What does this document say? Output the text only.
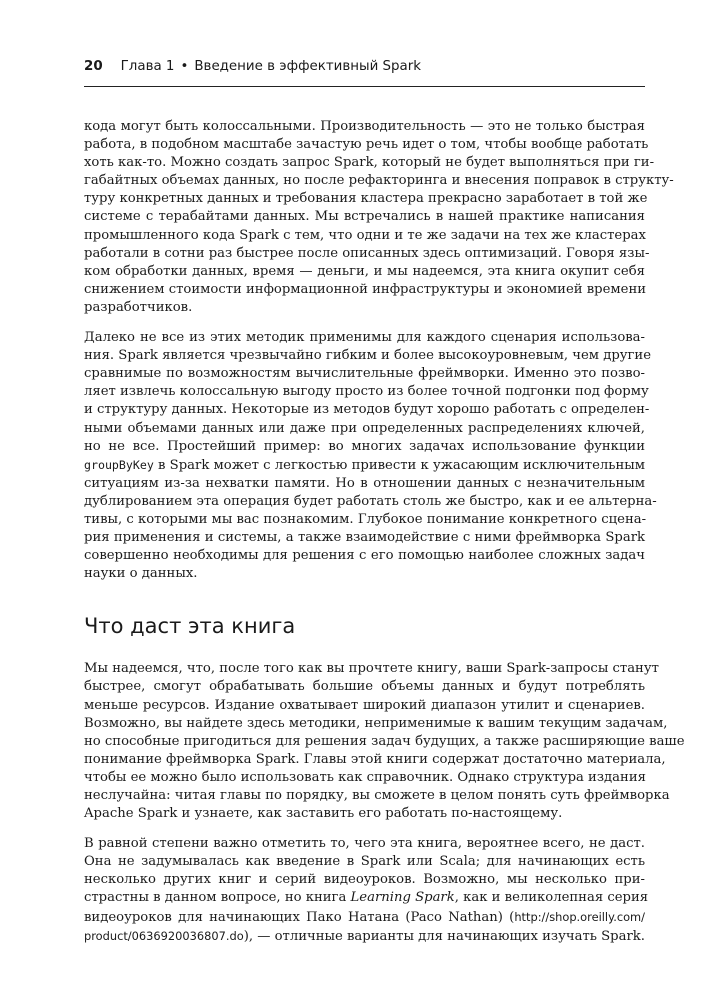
20 Глава 1 • Введение в эффективный Spark

кода могут быть колоссальными. Производительность — это не только быстрая
работа, в подобном масштабе зачастую речь идет о том, чтобы вообще работать
хоть как-то. Можно создать запрос Spark, который не будет выполняться при ги-
габайтных объемах данных, но после рефакторинга и внесения поправок в структу-
туру конкретных данных и требования кластера прекрасно заработает в той же
системе с терабайтами данных. Мы встречались в нашей практике написания
промышленного кода Spark с тем, что одни и те же задачи на тех же кластерах
работали в сотни раз быстрее после описанных здесь оптимизаций. Говоря язы-
ком обработки данных, время — деньги, и мы надеемся, эта книга окупит себя
снижением стоимости информационной инфраструктуры и экономией времени
разработчиков.

Далеко не все из этих методик применимы для каждого сценария использова-
ния. Spark является чрезвычайно гибким и более высокоуровневым, чем другие
сравнимые по возможностям вычислительные фреймворки. Именно это позво-
ляет извлечь колоссальную выгоду просто из более точной подгонки под форму
и структуру данных. Некоторые из методов будут хорошо работать с определен-
ными объемами данных или даже при определенных распределениях ключей,
но не все. Простейший пример: во многих задачах использование функции
groupByKey в Spark может с легкостью привести к ужасающим исключительным
ситуациям из-за нехватки памяти. Но в отношении данных с незначительным
дублированием эта операция будет работать столь же быстро, как и ее альтерна-
тивы, с которыми мы вас познакомим. Глубокое понимание конкретного сцена-
рия применения и системы, а также взаимодействие с ними фреймворка Spark
совершенно необходимы для решения с его помощью наиболее сложных задач
науки о данных.

Что даст эта книга

Мы надеемся, что, после того как вы прочтете книгу, ваши Spark-запросы станут
быстрее, смогут обрабатывать большие объемы данных и будут потреблять
меньше ресурсов. Издание охватывает широкий диапазон утилит и сценариев.
Возможно, вы найдете здесь методики, неприменимые к вашим текущим задачам,
но способные пригодиться для решения задач будущих, а также расширяющие ваше
понимание фреймворка Spark. Главы этой книги содержат достаточно материала,
чтобы ее можно было использовать как справочник. Однако структура издания
неслучайна: читая главы по порядку, вы сможете в целом понять суть фреймворка
Apache Spark и узнаете, как заставить его работать по-настоящему.

В равной степени важно отметить то, чего эта книга, вероятнее всего, не даст.
Она не задумывалась как введение в Spark или Scala; для начинающих есть
несколько других книг и серий видеоуроков. Возможно, мы несколько при-
страстны в данном вопросе, но книга Learning Spark, как и великолепная серия
видеоуроков для начинающих Пако Натана (Paco Nathan) (http://shop.oreilly.com/
product/0636920036807.do), — отличные варианты для начинающих изучать Spark.
